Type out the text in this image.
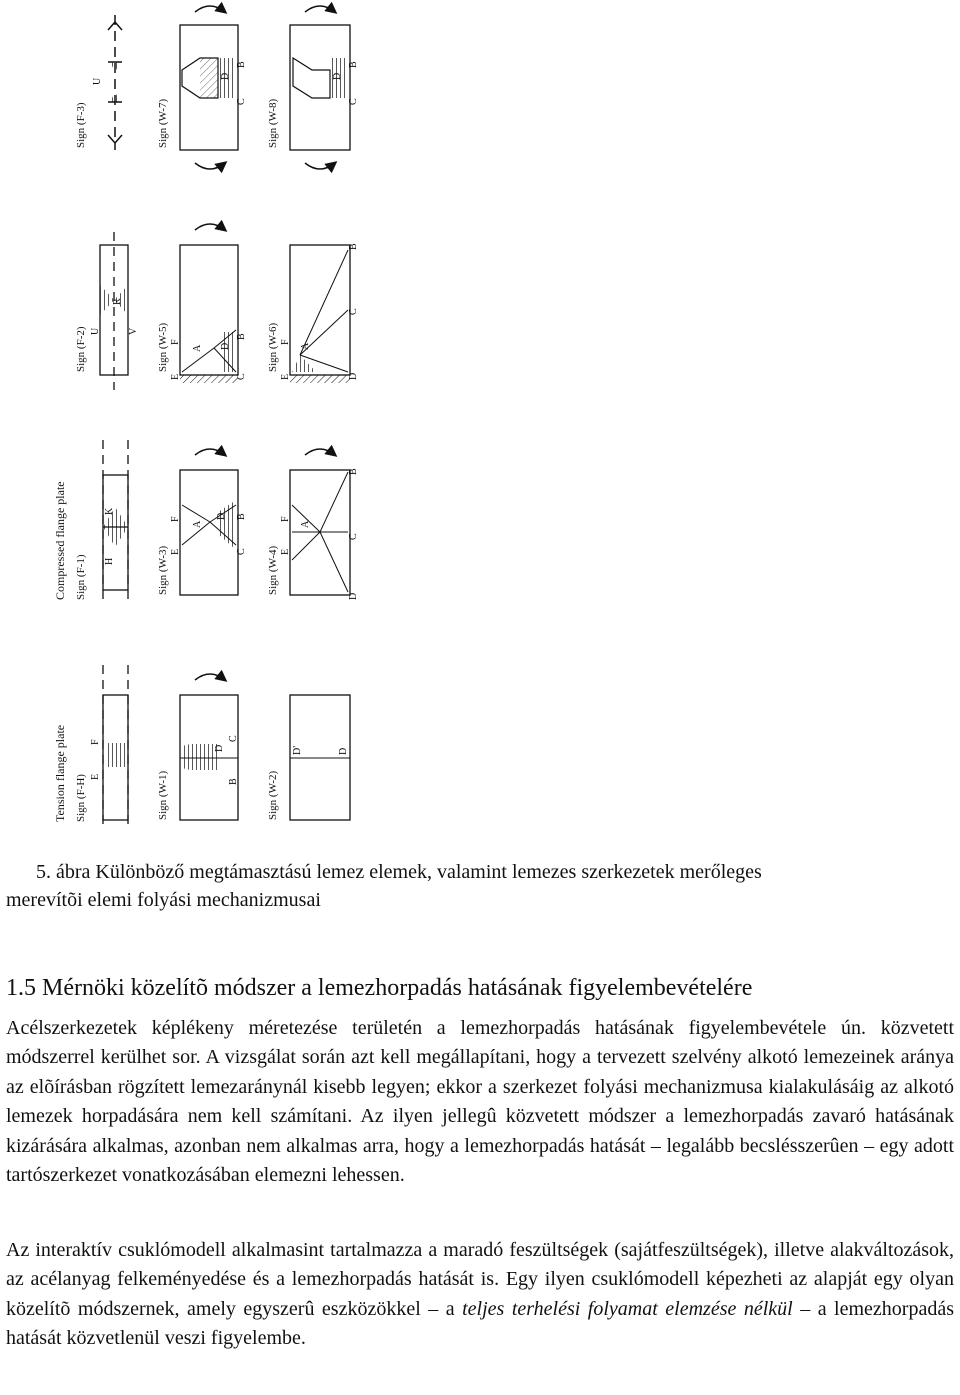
Sign (F-3)
U
Sign (W-7)	C
D
B
Sign (W-8)	C
D
B
Sign (F-2) U
R
V Sign (W-5)
E
F
A D
C
B Sign (W-6)
E
F
A
D
C
B
Compressed flange plate Sign (F-1) H
K
Sign (W-3) E
F
A
D
C
B
Sign (W-4) E
F
A
D
C
B
Tension flange plate Sign (F-H) E
F
Sign (W-1)	B
D
C
Sign (W-2)
D'	D
5. ábra Különböző megtámasztású lemez elemek, valamint lemezes szerkezetek merőleges
merevítõi elemi folyási mechanizmusai
1.5 Mérnöki közelítõ módszer a lemezhorpadás hatásának figyelembevételére

Acélszerkezetek képlékeny méretezése területén a lemezhorpadás hatásának figyelembevétele ún. közvetett módszerrel kerülhet sor. A vizsgálat során azt kell megállapítani, hogy a tervezett szelvény alkotó lemezeinek aránya az elõírásban rögzített lemezaránynál kisebb legyen; ekkor a szerkezet folyási mechanizmusa kialakulásáig az alkotó lemezek horpadására nem kell számítani. Az ilyen jellegû közvetett módszer a lemezhorpadás zavaró hatásának kizárására alkalmas, azonban nem alkalmas arra, hogy a lemezhorpadás hatását – legalább becslésszerûen – egy adott tartószerkezet vonatkozásában elemezni lehessen.

Az interaktív csuklómodell alkalmasint tartalmazza a maradó feszültségek (sajátfeszültségek), illetve alakváltozások, az acélanyag felkeményedése és a lemezhorpadás hatását is. Egy ilyen csuklómodell képezheti az alapját egy olyan közelítõ módszernek, amely egyszerû eszközökkel – a teljes terhelési folyamat elemzése nélkül – a lemezhorpadás hatását közvetlenül veszi figyelembe.
